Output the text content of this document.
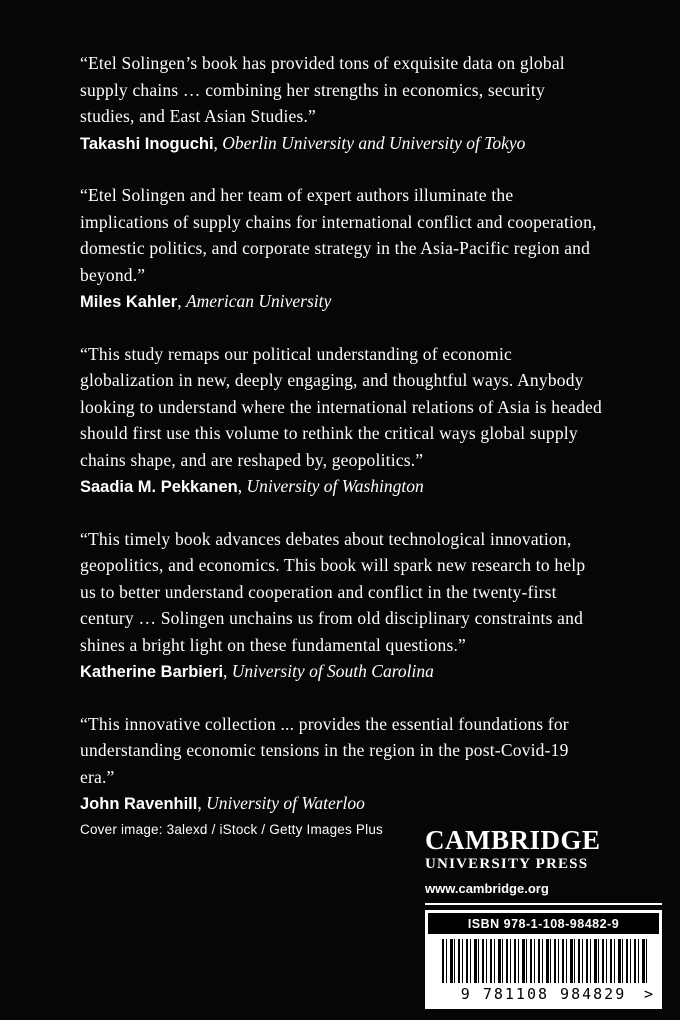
“Etel Solingen’s book has provided tons of exquisite data on global supply chains … combining her strengths in economics, security studies, and East Asian Studies.”

Takashi Inoguchi, Oberlin University and University of Tokyo

“Etel Solingen and her team of expert authors illuminate the implications of supply chains for international conflict and cooperation, domestic politics, and corporate strategy in the Asia-Pacific region and beyond.”

Miles Kahler, American University

“This study remaps our political understanding of economic globalization in new, deeply engaging, and thoughtful ways. Anybody looking to understand where the international relations of Asia is headed should first use this volume to rethink the critical ways global supply chains shape, and are reshaped by, geopolitics.”

Saadia M. Pekkanen, University of Washington

“This timely book advances debates about technological innovation, geopolitics, and economics. This book will spark new research to help us to better understand cooperation and conflict in the twenty-first century … Solingen unchains us from old disciplinary constraints and shines a bright light on these fundamental questions.”

Katherine Barbieri, University of South Carolina

“This innovative collection ... provides the essential foundations for understanding economic tensions in the region in the post-Covid-19 era.”

John Ravenhill, University of Waterloo

Cover image: 3alexd / iStock / Getty Images Plus CAMBRIDGE
UNIVERSITY PRESS
www.cambridge.org
ISBN 978-1-108-98482-9
9 781108 984829 >
